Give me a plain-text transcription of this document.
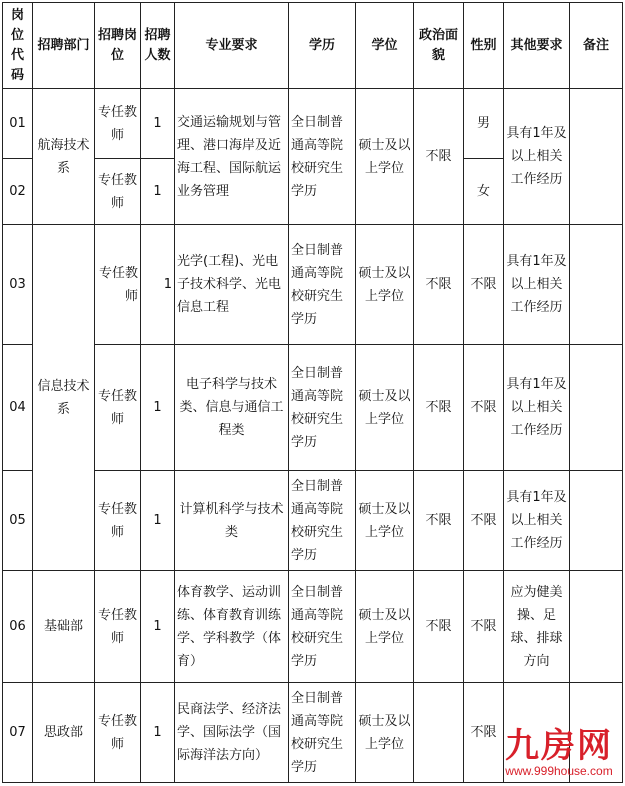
岗位代码	招聘部门	招聘岗位	招聘人数	专业要求	学历	学位	政治面貌	性别	其他要求	备注
01	航海技术系	专任教师	1	交通运输规划与管理、港口海岸及近海工程、国际航运业务管理	全日制普通高等院校研究生学历	硕士及以上学位	不限	男	具有1年及以上相关工作经历	
02		专任教师	1					女		
03	信息技术系	专任教师	1	光学(工程)、光电子技术科学、光电信息工程	全日制普通高等院校研究生学历	硕士及以上学位	不限	不限	具有1年及以上相关工作经历	
04		专任教师	1	电子科学与技术类、信息与通信工程类	全日制普通高等院校研究生学历	硕士及以上学位	不限	不限	具有1年及以上相关工作经历	
05		专任教师	1	计算机科学与技术类	全日制普通高等院校研究生学历	硕士及以上学位	不限	不限	具有1年及以上相关工作经历	
06	基础部	专任教师	1	体育教学、运动训练、体育教育训练学、学科教学（体育）	全日制普通高等院校研究生学历	硕士及以上学位	不限	不限	应为健美操、足球、排球方向	
07	思政部	专任教师	1	民商法学、经济法学、国际法学（国际海洋法方向）	全日制普通高等院校研究生学历	硕士及以上学位		不限		九房网
www.999house.com
